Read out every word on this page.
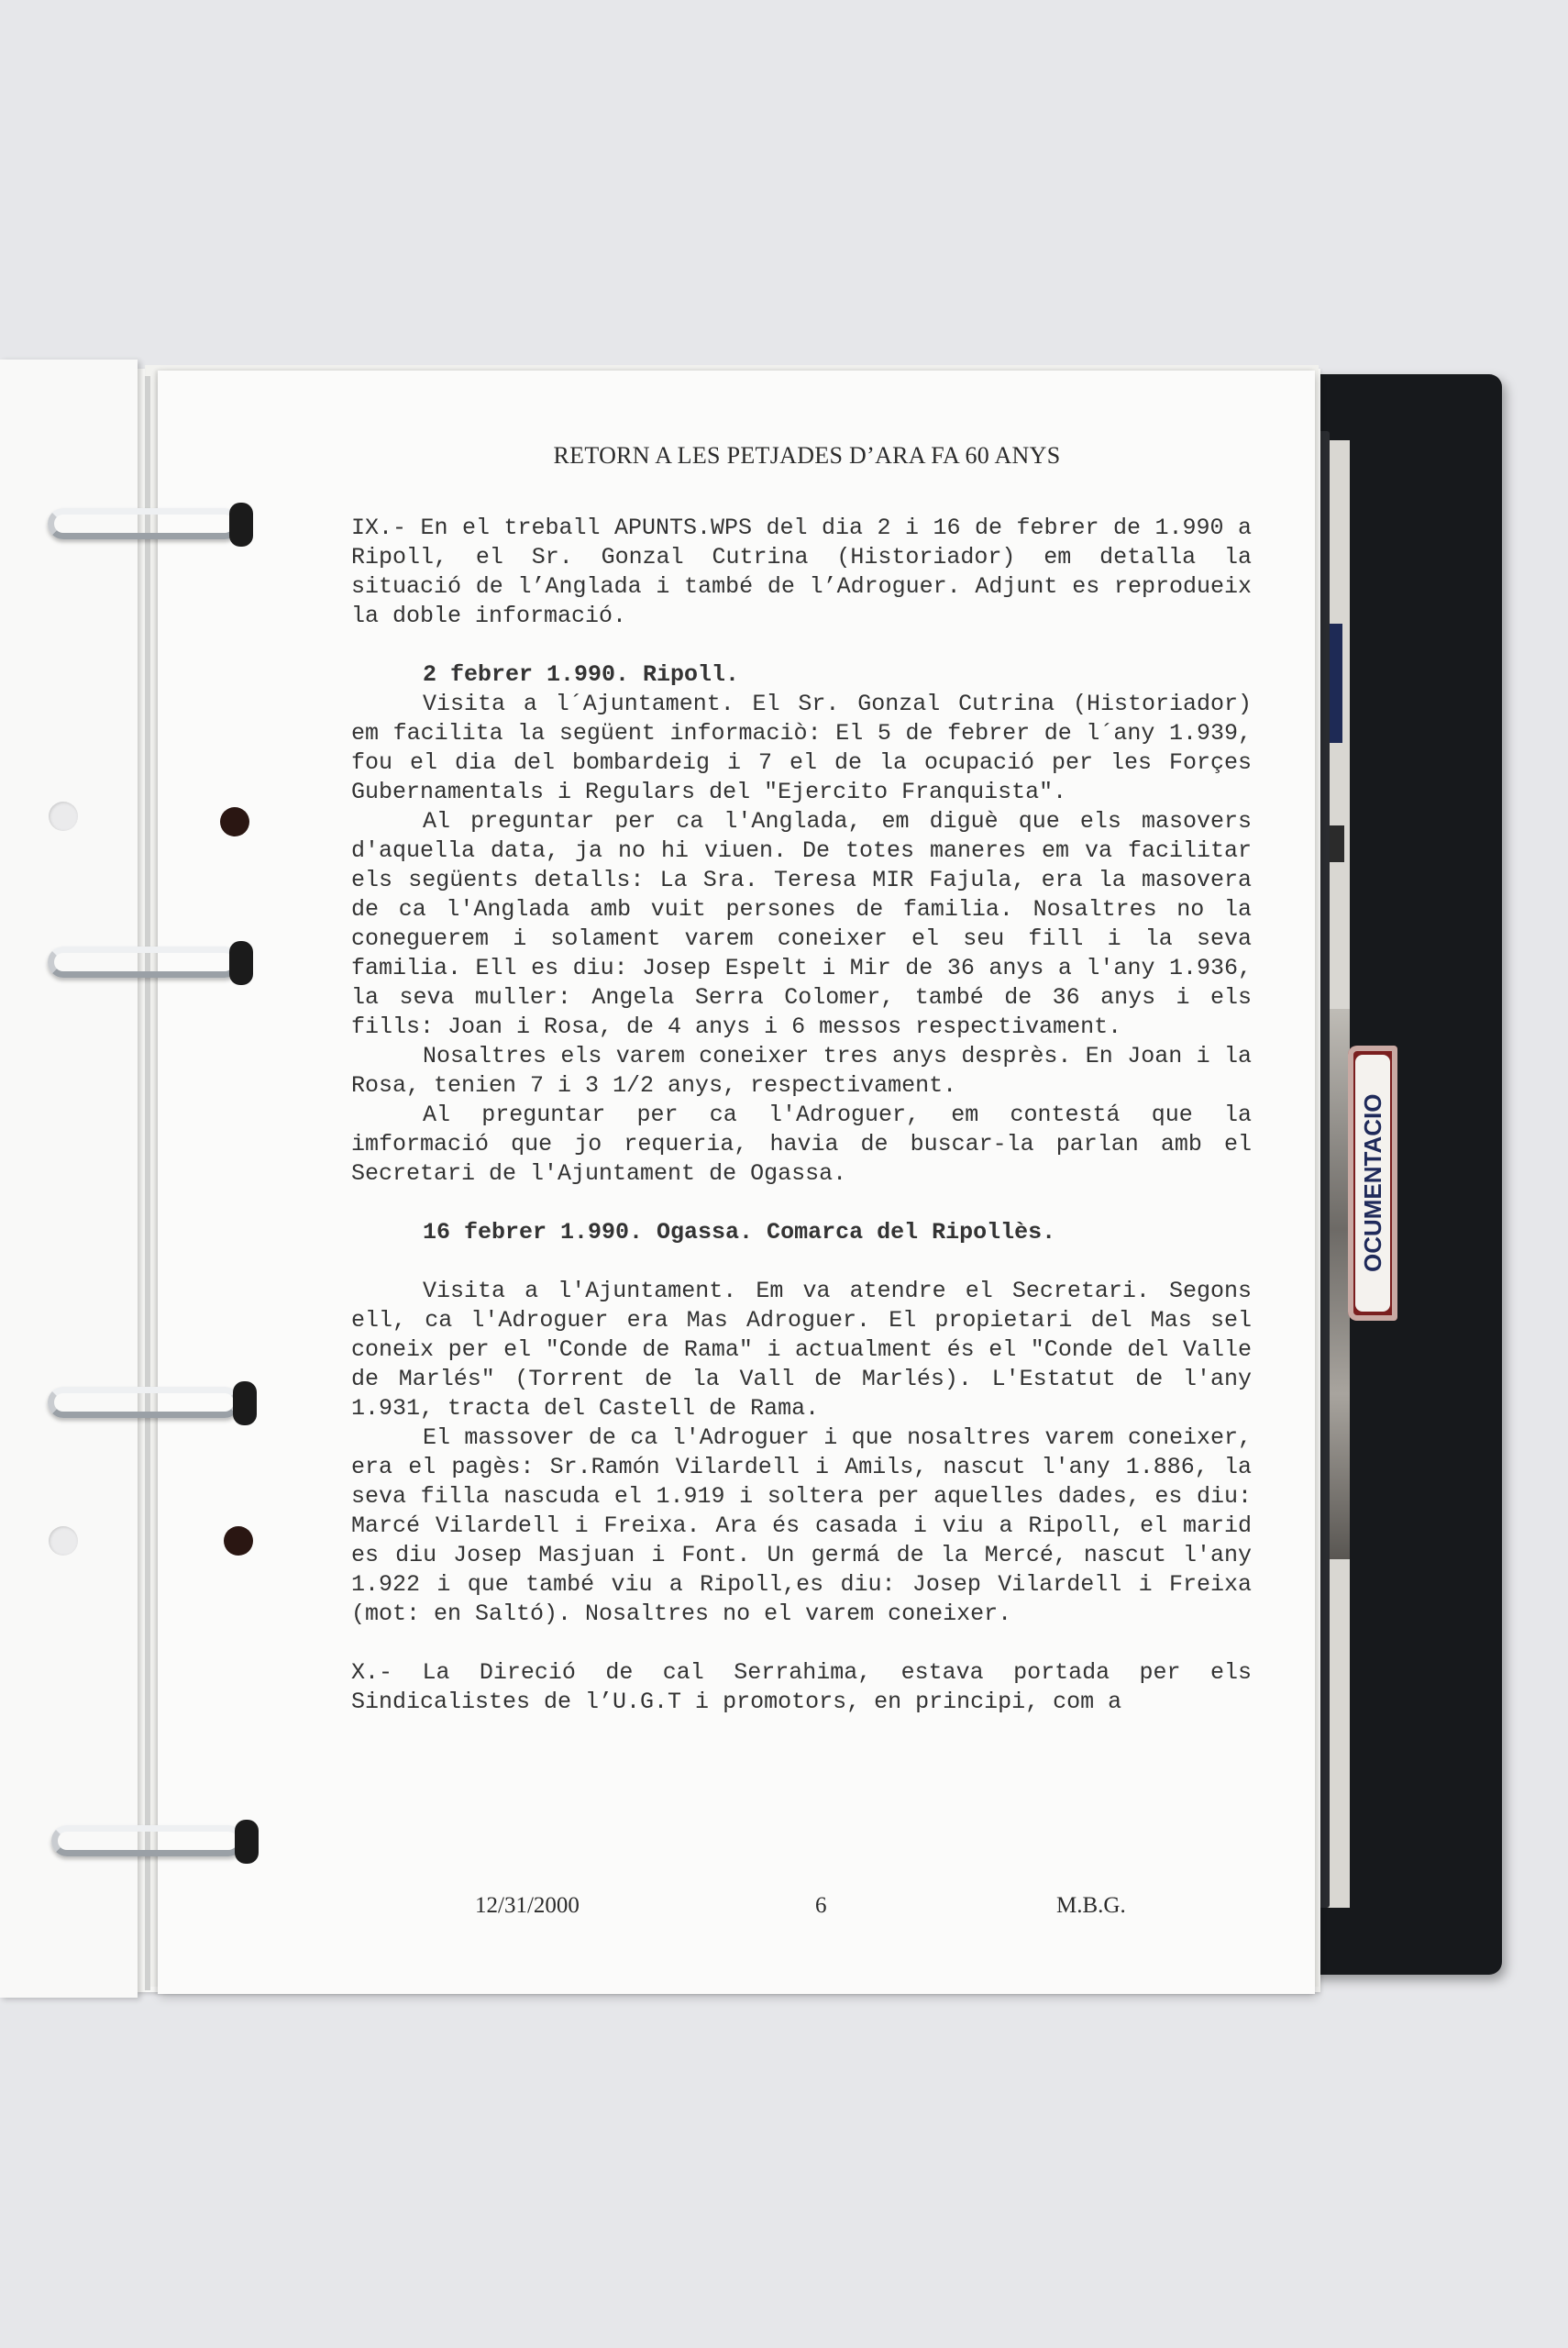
OCUMENTACIO
RETORN A LES PETJADES D’ARA FA 60 ANYS

IX.- En el treball APUNTS.WPS del dia 2 i 16 de febrer de 1.990 a Ripoll, el Sr. Gonzal Cutrina (Historiador) em detalla la situació de l’Anglada i també de l’Adroguer. Adjunt es reprodueix la doble informació.

2 febrer 1.990. Ripoll.

Visita a l´Ajuntament. El Sr. Gonzal Cutrina (Historiador) em facilita la següent informaciò: El 5 de febrer de l´any 1.939, fou el dia del bombardeig i 7 el de la ocupació per les Forçes Gubernamentals i Regulars del "Ejercito Franquista".

Al preguntar per ca l'Anglada, em diguè que els masovers d'aquella data, ja no hi viuen. De totes maneres em va facilitar els següents detalls: La Sra. Teresa MIR Fajula, era la masovera de ca l'Anglada amb vuit persones de familia. Nosaltres no la coneguerem i solament varem coneixer el seu fill i la seva familia. Ell es diu: Josep Espelt i Mir de 36 anys a l'any 1.936, la seva muller: Angela Serra Colomer, també de 36 anys i els fills: Joan i Rosa, de 4 anys i 6 messos respectivament.

Nosaltres els varem coneixer tres anys desprès. En Joan i la Rosa, tenien 7 i 3 1/2 anys, respectivament.

Al preguntar per ca l'Adroguer, em contestá que la imformació que jo requeria, havia de buscar-la parlan amb el Secretari de l'Ajuntament de Ogassa.

16 febrer 1.990. Ogassa. Comarca del Ripollès.

Visita a l'Ajuntament. Em va atendre el Secretari. Segons ell, ca l'Adroguer era Mas Adroguer. El propietari del Mas sel coneix per el "Conde de Rama" i actualment és el "Conde del Valle de Marlés" (Torrent de la Vall de Marlés). L'Estatut de l'any 1.931, tracta del Castell de Rama.

El massover de ca l'Adroguer i que nosaltres varem coneixer, era el pagès: Sr.Ramón Vilardell i Amils, nascut l'any 1.886, la seva filla nascuda el 1.919 i soltera per aquelles dades, es diu: Marcé Vilardell i Freixa. Ara és casada i viu a Ripoll, el marid es diu Josep Masjuan i Font. Un germá de la Mercé, nascut l'any 1.922 i que també viu a Ripoll,es diu: Josep Vilardell i Freixa (mot: en Saltó). Nosaltres no el varem coneixer.

X.- La Direció de cal Serrahima, estava portada per els Sindicalistes de l’U.G.T i promotors, en principi, com a

12/31/2000	6	M.B.G.
